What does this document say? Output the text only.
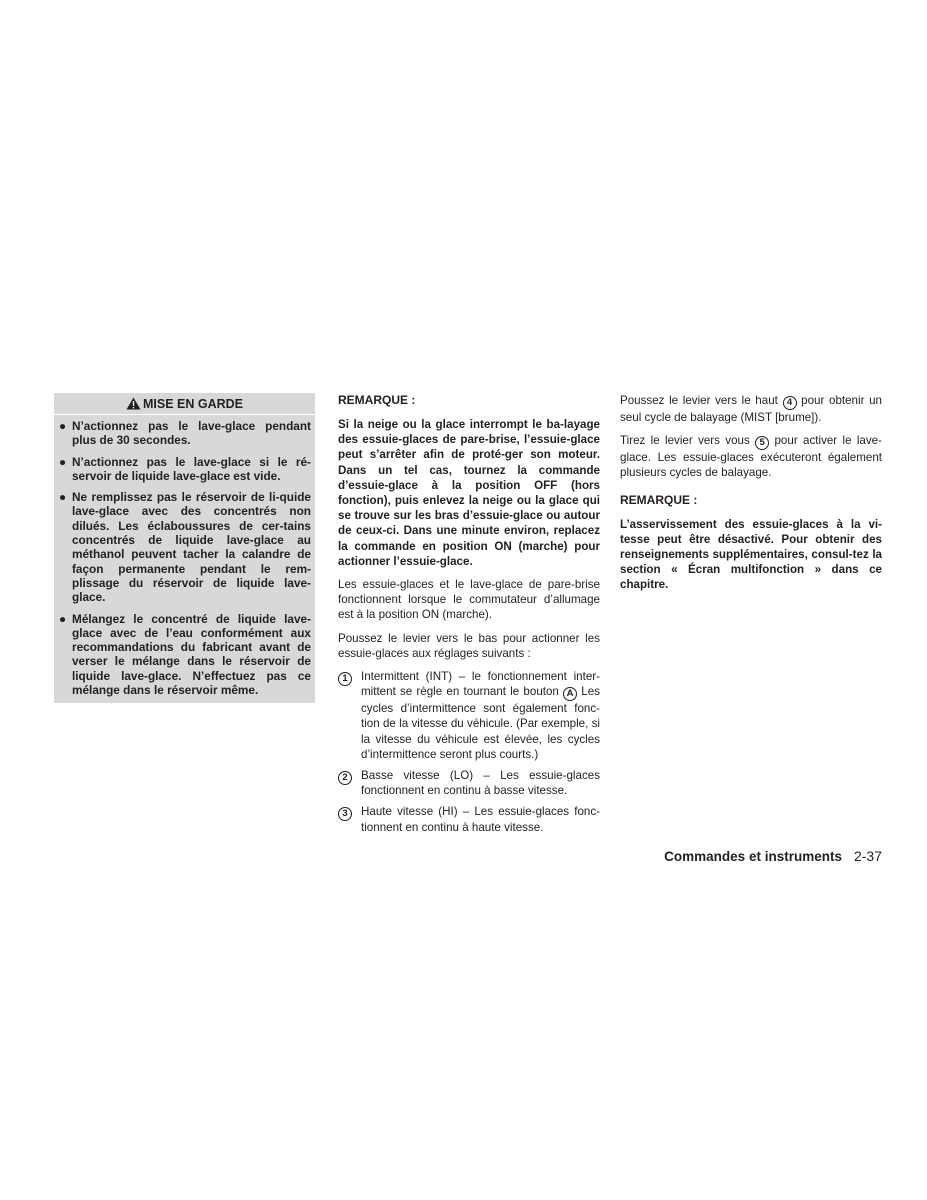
MISE EN GARDE
● N’actionnez pas le lave-glace pendant plus de 30 secondes.
● N’actionnez pas le lave-glace si le ré-servoir de liquide lave-glace est vide.
● Ne remplissez pas le réservoir de li-quide lave-glace avec des concentrés non dilués. Les éclaboussures de cer-tains concentrés de liquide lave-glace au méthanol peuvent tacher la calandre de façon permanente pendant le rem-plissage du réservoir de liquide lave-glace.
● Mélangez le concentré de liquide lave-glace avec de l’eau conformément aux recommandations du fabricant avant de verser le mélange dans le réservoir de liquide lave-glace. N’effectuez pas ce mélange dans le réservoir même.
REMARQUE :

Si la neige ou la glace interrompt le ba-layage des essuie-glaces de pare-brise, l’essuie-glace peut s’arrêter afin de proté-ger son moteur. Dans un tel cas, tournez la commande d’essuie-glace à la position OFF (hors fonction), puis enlevez la neige ou la glace qui se trouve sur les bras d’essuie-glace ou autour de ceux-ci. Dans une minute environ, replacez la commande en position ON (marche) pour actionner l’essuie-glace.

Les essuie-glaces et le lave-glace de pare-brise fonctionnent lorsque le commutateur d’allumage est à la position ON (marche).

Poussez le levier vers le bas pour actionner les essuie-glaces aux réglages suivants :

1	Intermittent (INT) – le fonctionnement inter-mittent se règle en tournant le bouton A Les cycles d’intermittence sont également fonc-tion de la vitesse du véhicule. (Par exemple, si la vitesse du véhicule est élevée, les cycles d’intermittence seront plus courts.)
2	Basse vitesse (LO) – Les essuie-glaces fonctionnent en continu à basse vitesse.
3	Haute vitesse (HI) – Les essuie-glaces fonc-tionnent en continu à haute vitesse.

Poussez le levier vers le haut 4 pour obtenir un seul cycle de balayage (MIST [brume]).

Tirez le levier vers vous 5 pour activer le lave-glace. Les essuie-glaces exécuteront également plusieurs cycles de balayage.

REMARQUE :

L’asservissement des essuie-glaces à la vi-tesse peut être désactivé. Pour obtenir des renseignements supplémentaires, consul-tez la section « Écran multifonction » dans ce chapitre.

Commandes et instruments 2-37
